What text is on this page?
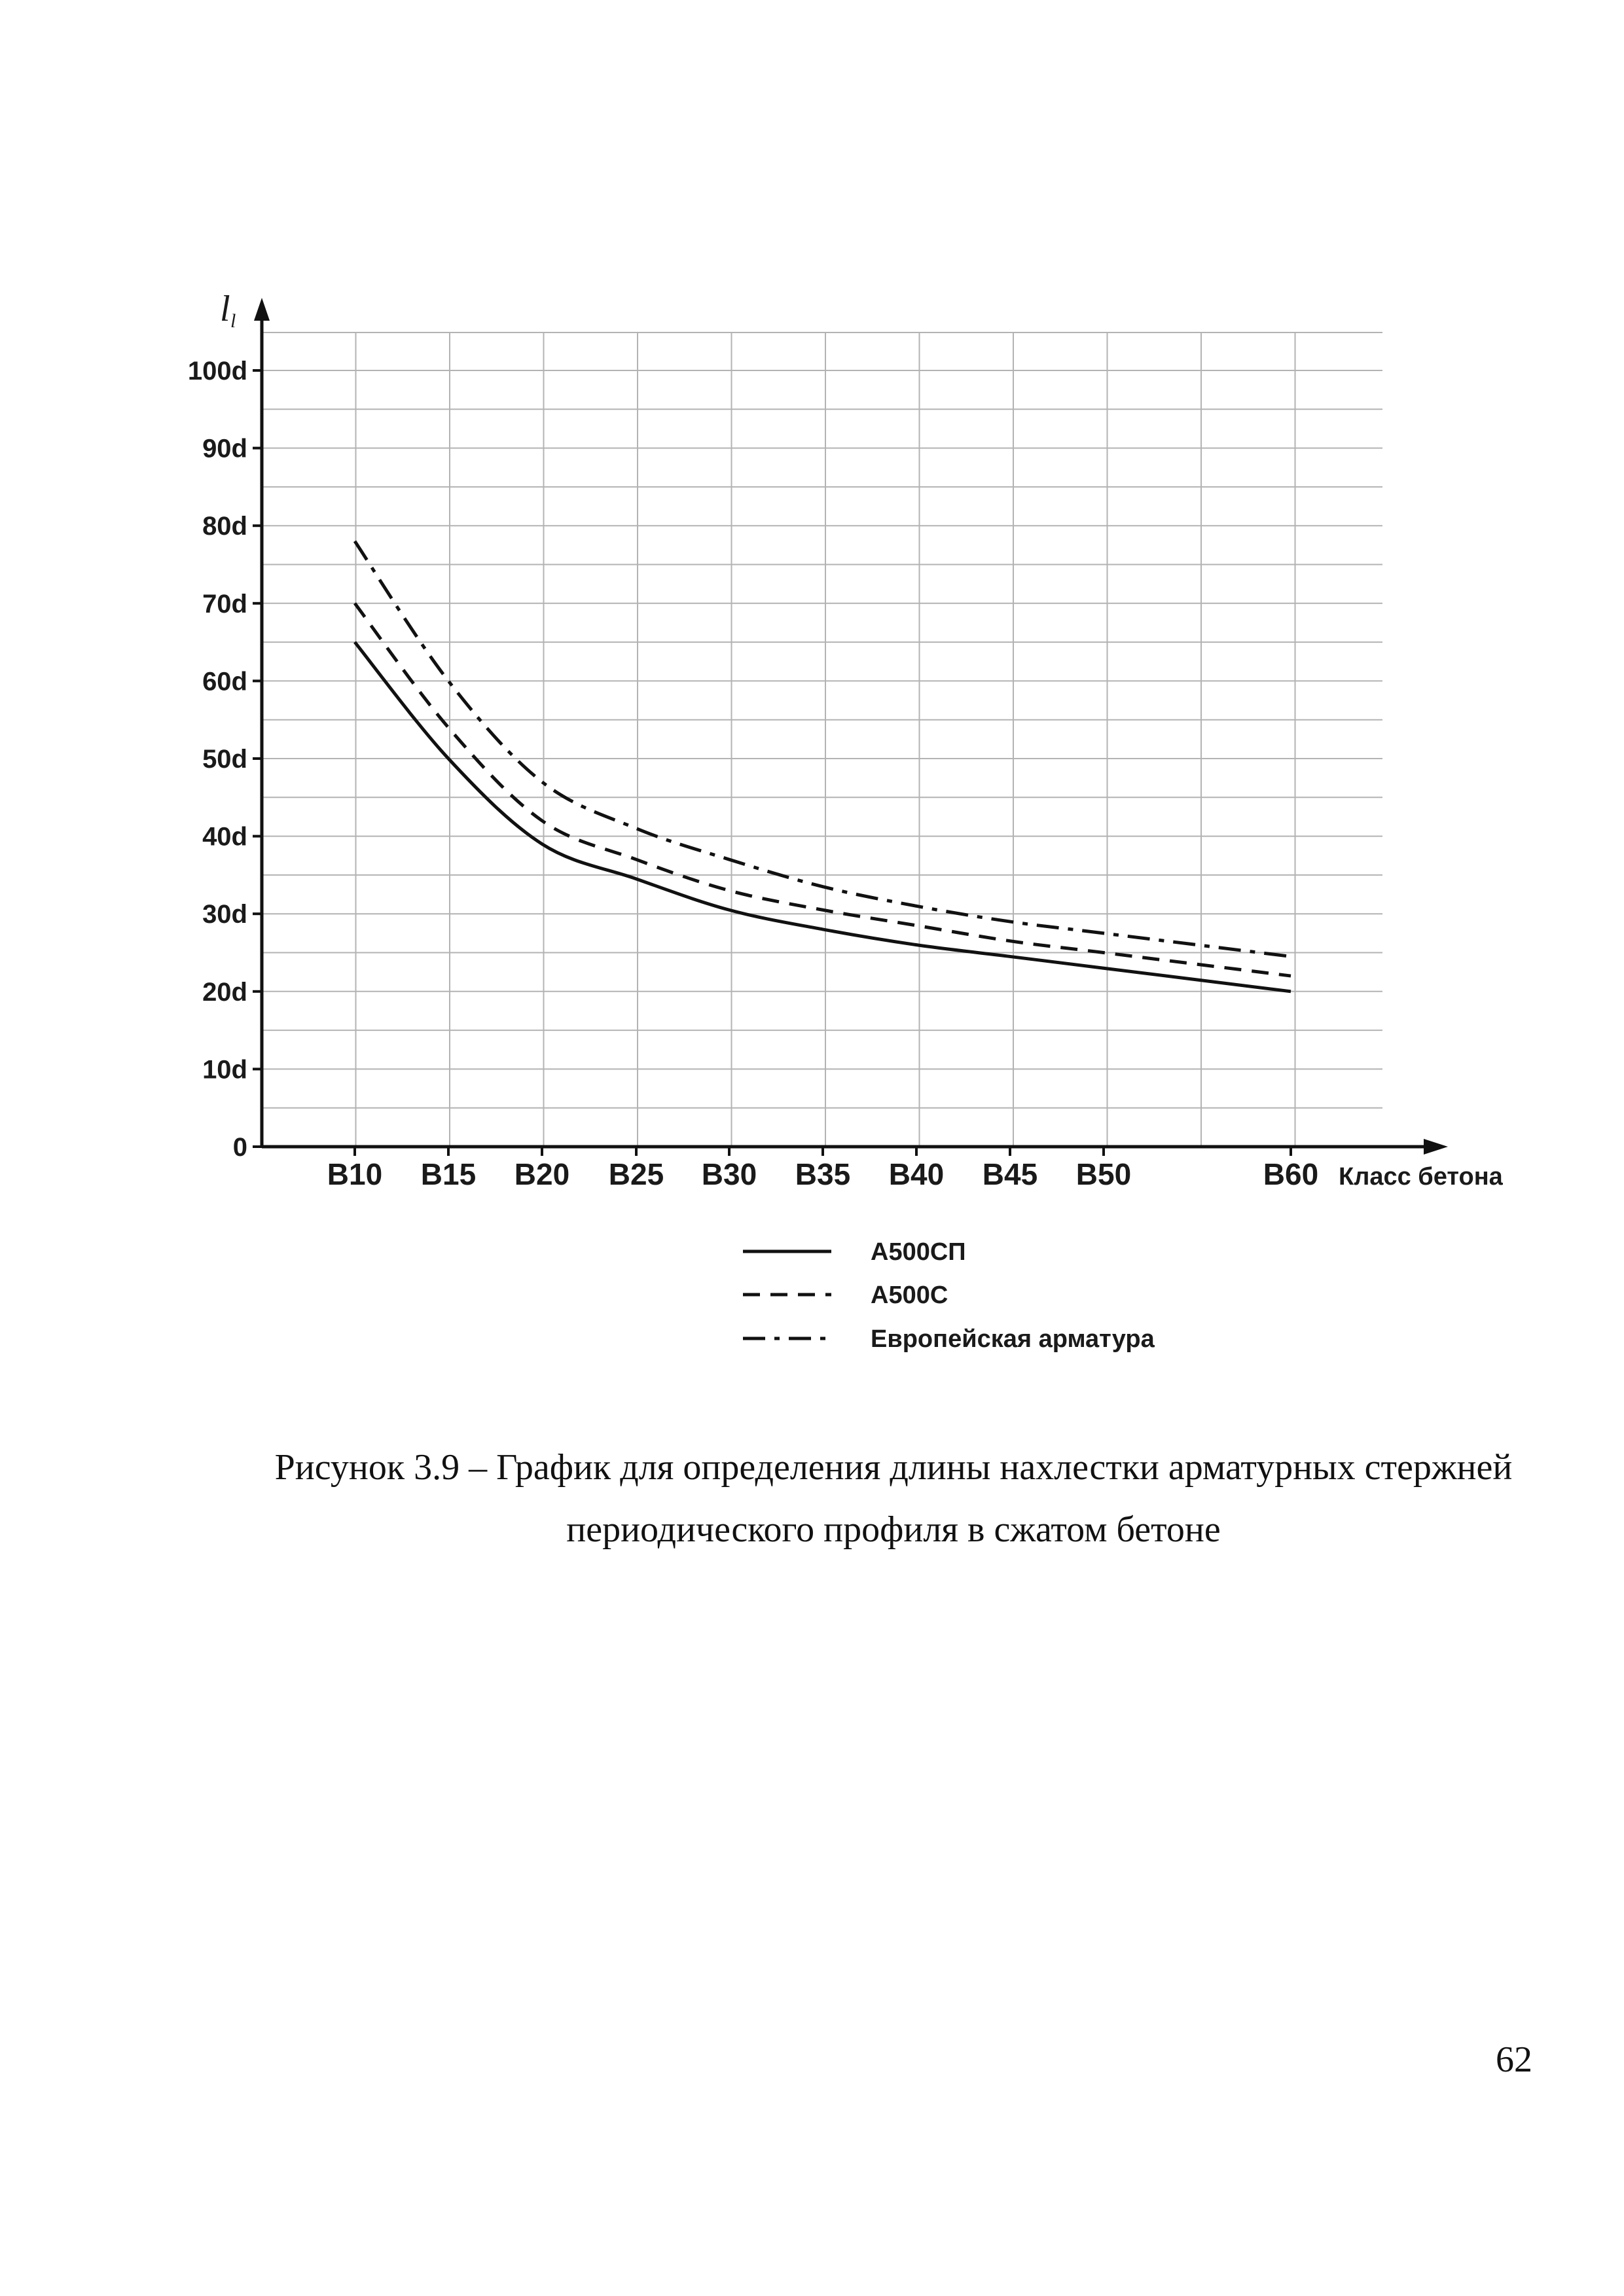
0
10d
20d
30d
40d
50d
60d
70d
80d
90d
100d
B10 B15 B20 B25 B30 B35 B40 B45 B50	B60 Класс бетона
l l
А500СП
А500С
Европейская арматура
Рисунок 3.9 – График для определения длины нахлестки арматурных стержней
периодического профиля в сжатом бетоне
62
